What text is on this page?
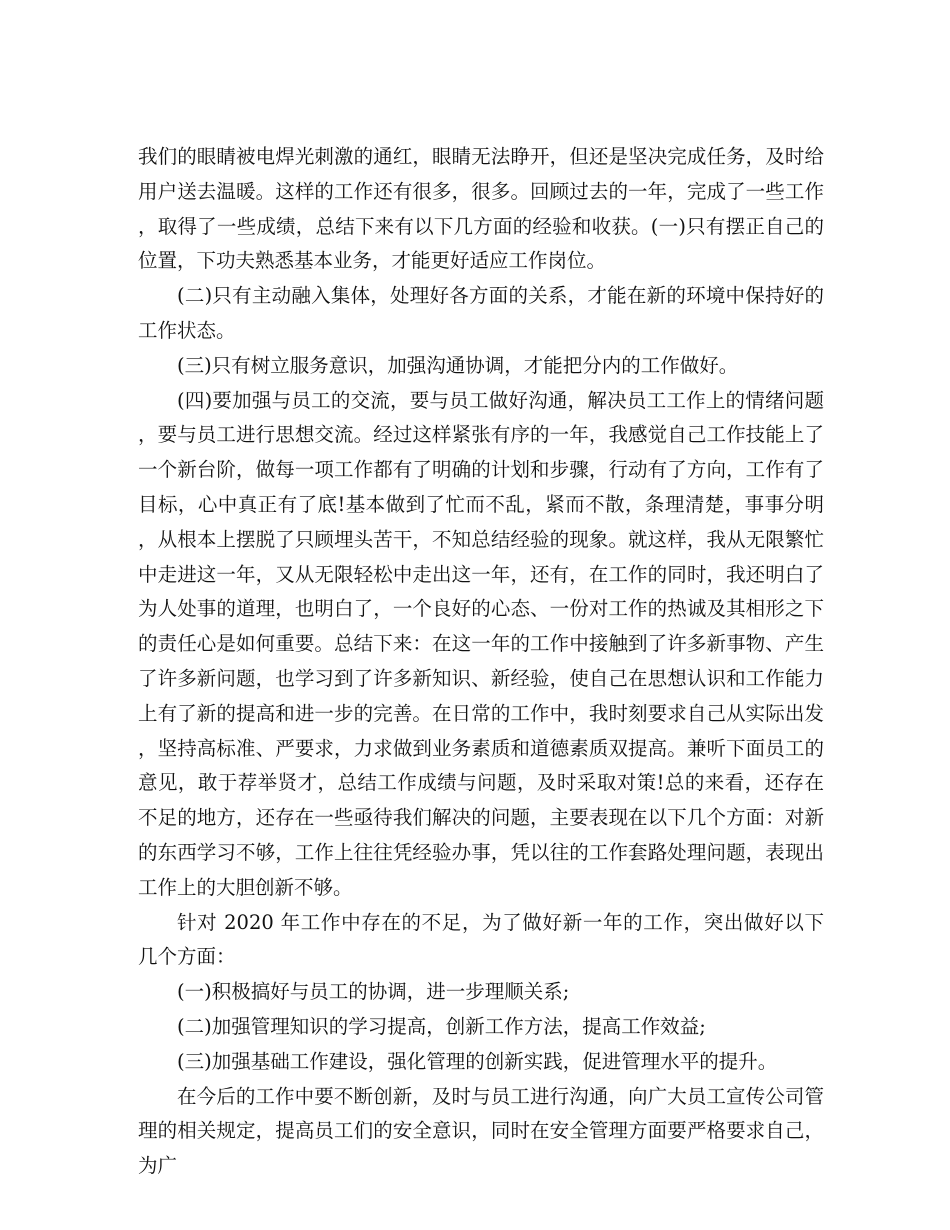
我们的眼睛被电焊光刺激的通红，眼睛无法睁开，但还是坚决完成任务，及时给用户送去温暖。这样的工作还有很多，很多。回顾过去的一年，完成了一些工作，取得了一些成绩，总结下来有以下几方面的经验和收获。(一)只有摆正自己的位置，下功夫熟悉基本业务，才能更好适应工作岗位。

(二)只有主动融入集体，处理好各方面的关系，才能在新的环境中保持好的工作状态。

(三)只有树立服务意识，加强沟通协调，才能把分内的工作做好。

(四)要加强与员工的交流，要与员工做好沟通，解决员工工作上的情绪问题，要与员工进行思想交流。经过这样紧张有序的一年，我感觉自己工作技能上了一个新台阶，做每一项工作都有了明确的计划和步骤，行动有了方向，工作有了目标，心中真正有了底!基本做到了忙而不乱，紧而不散，条理清楚，事事分明，从根本上摆脱了只顾埋头苦干，不知总结经验的现象。就这样，我从无限繁忙中走进这一年，又从无限轻松中走出这一年，还有，在工作的同时，我还明白了为人处事的道理，也明白了，一个良好的心态、一份对工作的热诚及其相形之下的责任心是如何重要。总结下来：在这一年的工作中接触到了许多新事物、产生了许多新问题，也学习到了许多新知识、新经验，使自己在思想认识和工作能力上有了新的提高和进一步的完善。在日常的工作中，我时刻要求自己从实际出发，坚持高标准、严要求，力求做到业务素质和道德素质双提高。兼听下面员工的意见，敢于荐举贤才，总结工作成绩与问题，及时采取对策!总的来看，还存在不足的地方，还存在一些亟待我们解决的问题，主要表现在以下几个方面：对新的东西学习不够，工作上往往凭经验办事，凭以往的工作套路处理问题，表现出工作上的大胆创新不够。

针对 2020 年工作中存在的不足，为了做好新一年的工作，突出做好以下几个方面：

(一)积极搞好与员工的协调，进一步理顺关系;

(二)加强管理知识的学习提高，创新工作方法，提高工作效益;

(三)加强基础工作建设，强化管理的创新实践，促进管理水平的提升。

在今后的工作中要不断创新，及时与员工进行沟通，向广大员工宣传公司管理的相关规定，提高员工们的安全意识，同时在安全管理方面要严格要求自己，为广
